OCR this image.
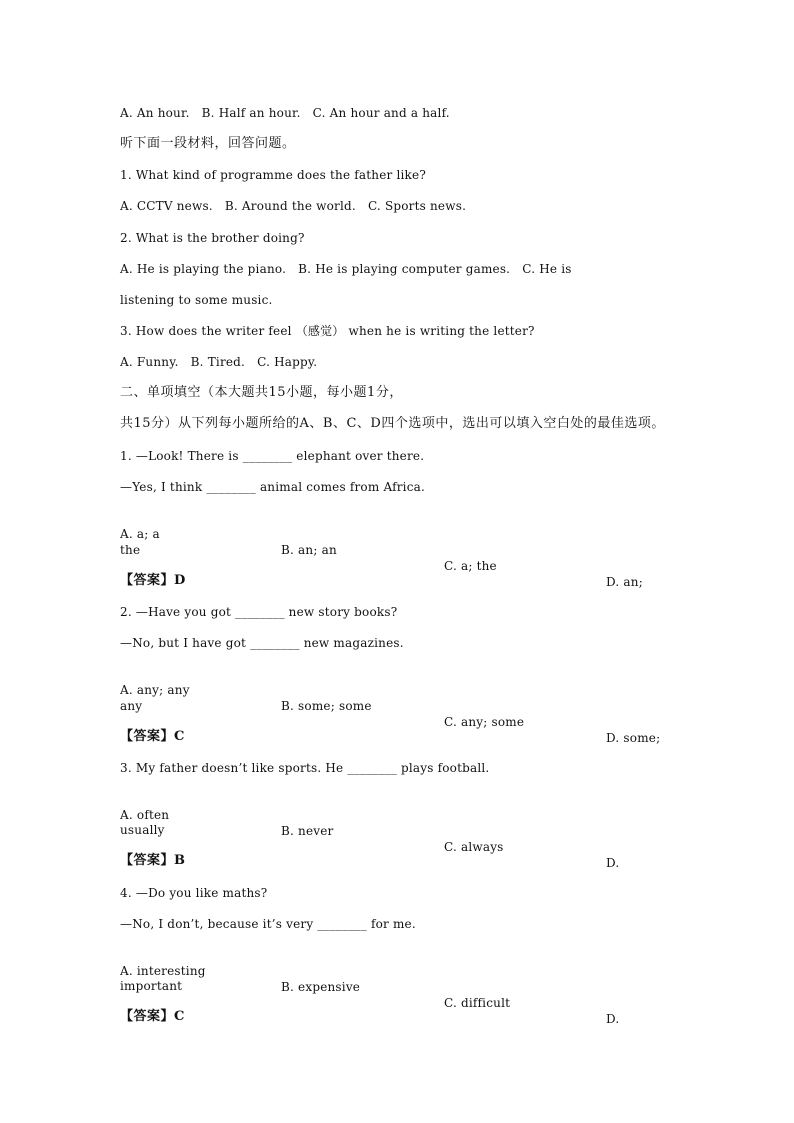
A. An hour.   B. Half an hour.   C. An hour and a half.
听下面一段材料，回答问题。
1. What kind of programme does the father like?
A. CCTV news.   B. Around the world.   C. Sports news.
2. What is the brother doing?
A. He is playing the piano.   B. He is playing computer games.   C. He is
listening to some music.
3. How does the writer feel （感觉） when he is writing the letter?
A. Funny.   B. Tired.   C. Happy.
二、单项填空（本大题共15小题，每小题1分，
共15分）从下列每小题所给的A、B、C、D四个选项中，选出可以填入空白处的最佳选项。
1. —Look! There is ________ elephant over there.
—Yes, I think ________ animal comes from Africa.

A. a; a

B. an; an

C. a; the

D. an;

the
【答案】D
2. —Have you got ________ new story books?
—No, but I have got ________ new magazines.

A. any; any

B. some; some

C. any; some

D. some;

any
【答案】C
3. My father doesn’t like sports. He ________ plays football.

A. often

B. never

C. always

D.

usually
【答案】B
4. —Do you like maths?
—No, I don’t, because it’s very ________ for me.

A. interesting

B. expensive

C. difficult

D.

important
【答案】C
